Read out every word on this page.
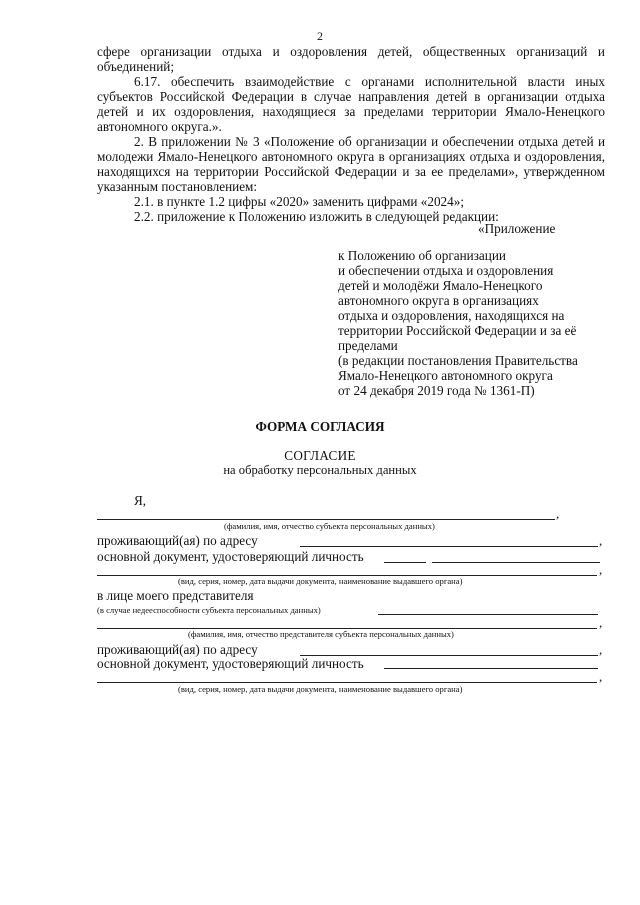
2

сфере организации отдыха и оздоровления детей, общественных организаций и объединений;

6.17. обеспечить взаимодействие с органами исполнительной власти иных субъектов Российской Федерации в случае направления детей в организации отдыха детей и их оздоровления, находящиеся за пределами территории Ямало-Ненецкого автономного округа.».

2. В приложении № 3 «Положение об организации и обеспечении отдыха детей и молодежи Ямало-Ненецкого автономного округа в организациях отдыха и оздоровления, находящихся на территории Российской Федерации и за ее пределами», утвержденном указанным постановлением:

2.1. в пункте 1.2 цифры «2020» заменить цифрами «2024»;

2.2. приложение к Положению изложить в следующей редакции:

«Приложение
к Положению об организации
и обеспечении отдыха и оздоровления
детей и молодёжи Ямало-Ненецкого
автономного округа в организациях
отдыха и оздоровления, находящихся на
территории Российской Федерации и за её
пределами
(в редакции постановления Правительства
Ямало-Ненецкого автономного округа
от 24 декабря 2019 года № 1361-П)
ФОРМА СОГЛАСИЯ
СОГЛАСИЕ
на обработку персональных данных
Я,
,
(фамилия, имя, отчество субъекта персональных данных)
проживающий(ая) по адресу	,
основной документ, удостоверяющий личность
,
(вид, серия, номер, дата выдачи документа, наименование выдавшего органа)
в лице моего представителя
(в случае недееспособности субъекта персональных данных)
,
(фамилия, имя, отчество представителя субъекта персональных данных)
проживающий(ая) по адресу	,
основной документ, удостоверяющий личность
,
(вид, серия, номер, дата выдачи документа, наименование выдавшего органа)
